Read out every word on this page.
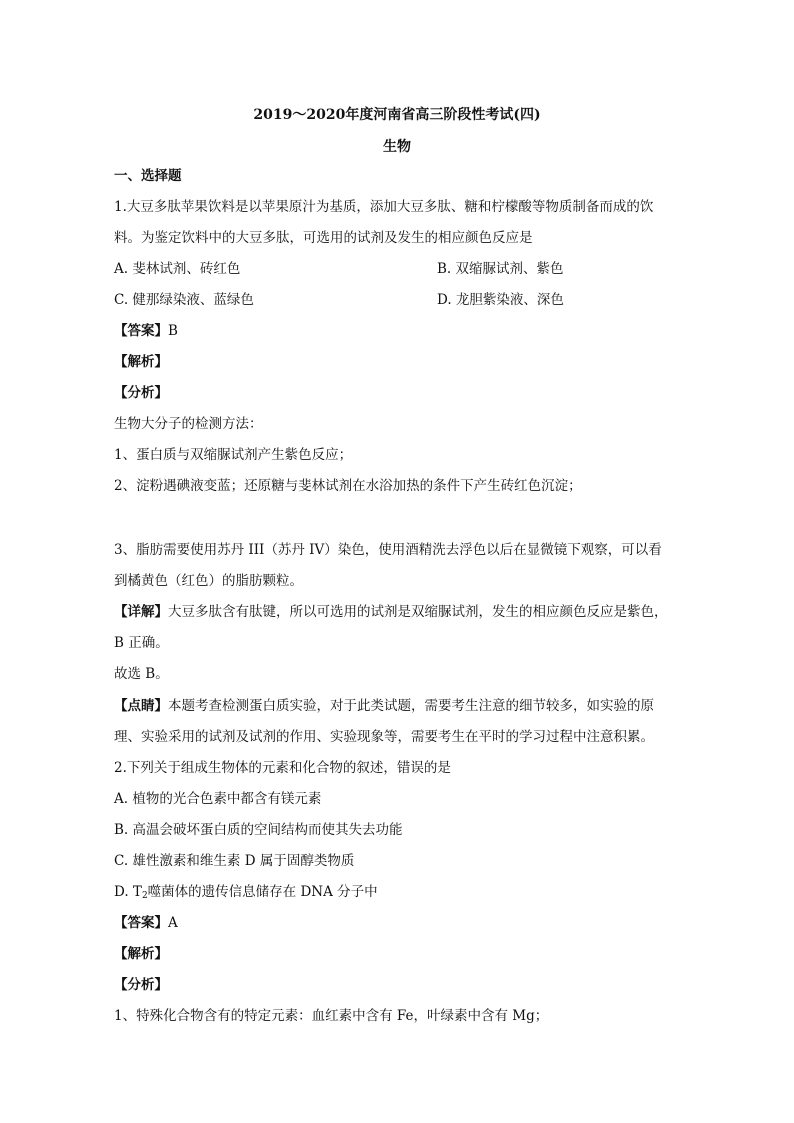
2019～2020年度河南省高三阶段性考试(四)
生物
一、选择题
1.大豆多肽苹果饮料是以苹果原汁为基质，添加大豆多肽、糖和柠檬酸等物质制备而成的饮
料。为鉴定饮料中的大豆多肽，可选用的试剂及发生的相应颜色反应是
A. 斐林试剂、砖红色	B. 双缩脲试剂、紫色
C. 健那绿染液、蓝绿色	D. 龙胆紫染液、深色
【答案】B
【解析】
【分析】
生物大分子的检测方法：
1、蛋白质与双缩脲试剂产生紫色反应；
2、淀粉遇碘液变蓝；还原糖与斐林试剂在水浴加热的条件下产生砖红色沉淀；
3、脂肪需要使用苏丹 III（苏丹 IV）染色，使用酒精洗去浮色以后在显微镜下观察，可以看
到橘黄色（红色）的脂肪颗粒。
【详解】大豆多肽含有肽键，所以可选用的试剂是双缩脲试剂，发生的相应颜色反应是紫色，
B 正确。
故选 B。
【点睛】本题考查检测蛋白质实验，对于此类试题，需要考生注意的细节较多，如实验的原
理、实验采用的试剂及试剂的作用、实验现象等，需要考生在平时的学习过程中注意积累。
2.下列关于组成生物体的元素和化合物的叙述，错误的是
A. 植物的光合色素中都含有镁元素
B. 高温会破坏蛋白质的空间结构而使其失去功能
C. 雄性激素和维生素 D 属于固醇类物质
D. $T_2$噬菌体的遗传信息储存在 DNA 分子中
【答案】A
【解析】
【分析】
1、特殊化合物含有的特定元素：血红素中含有 Fe，叶绿素中含有 Mg；
